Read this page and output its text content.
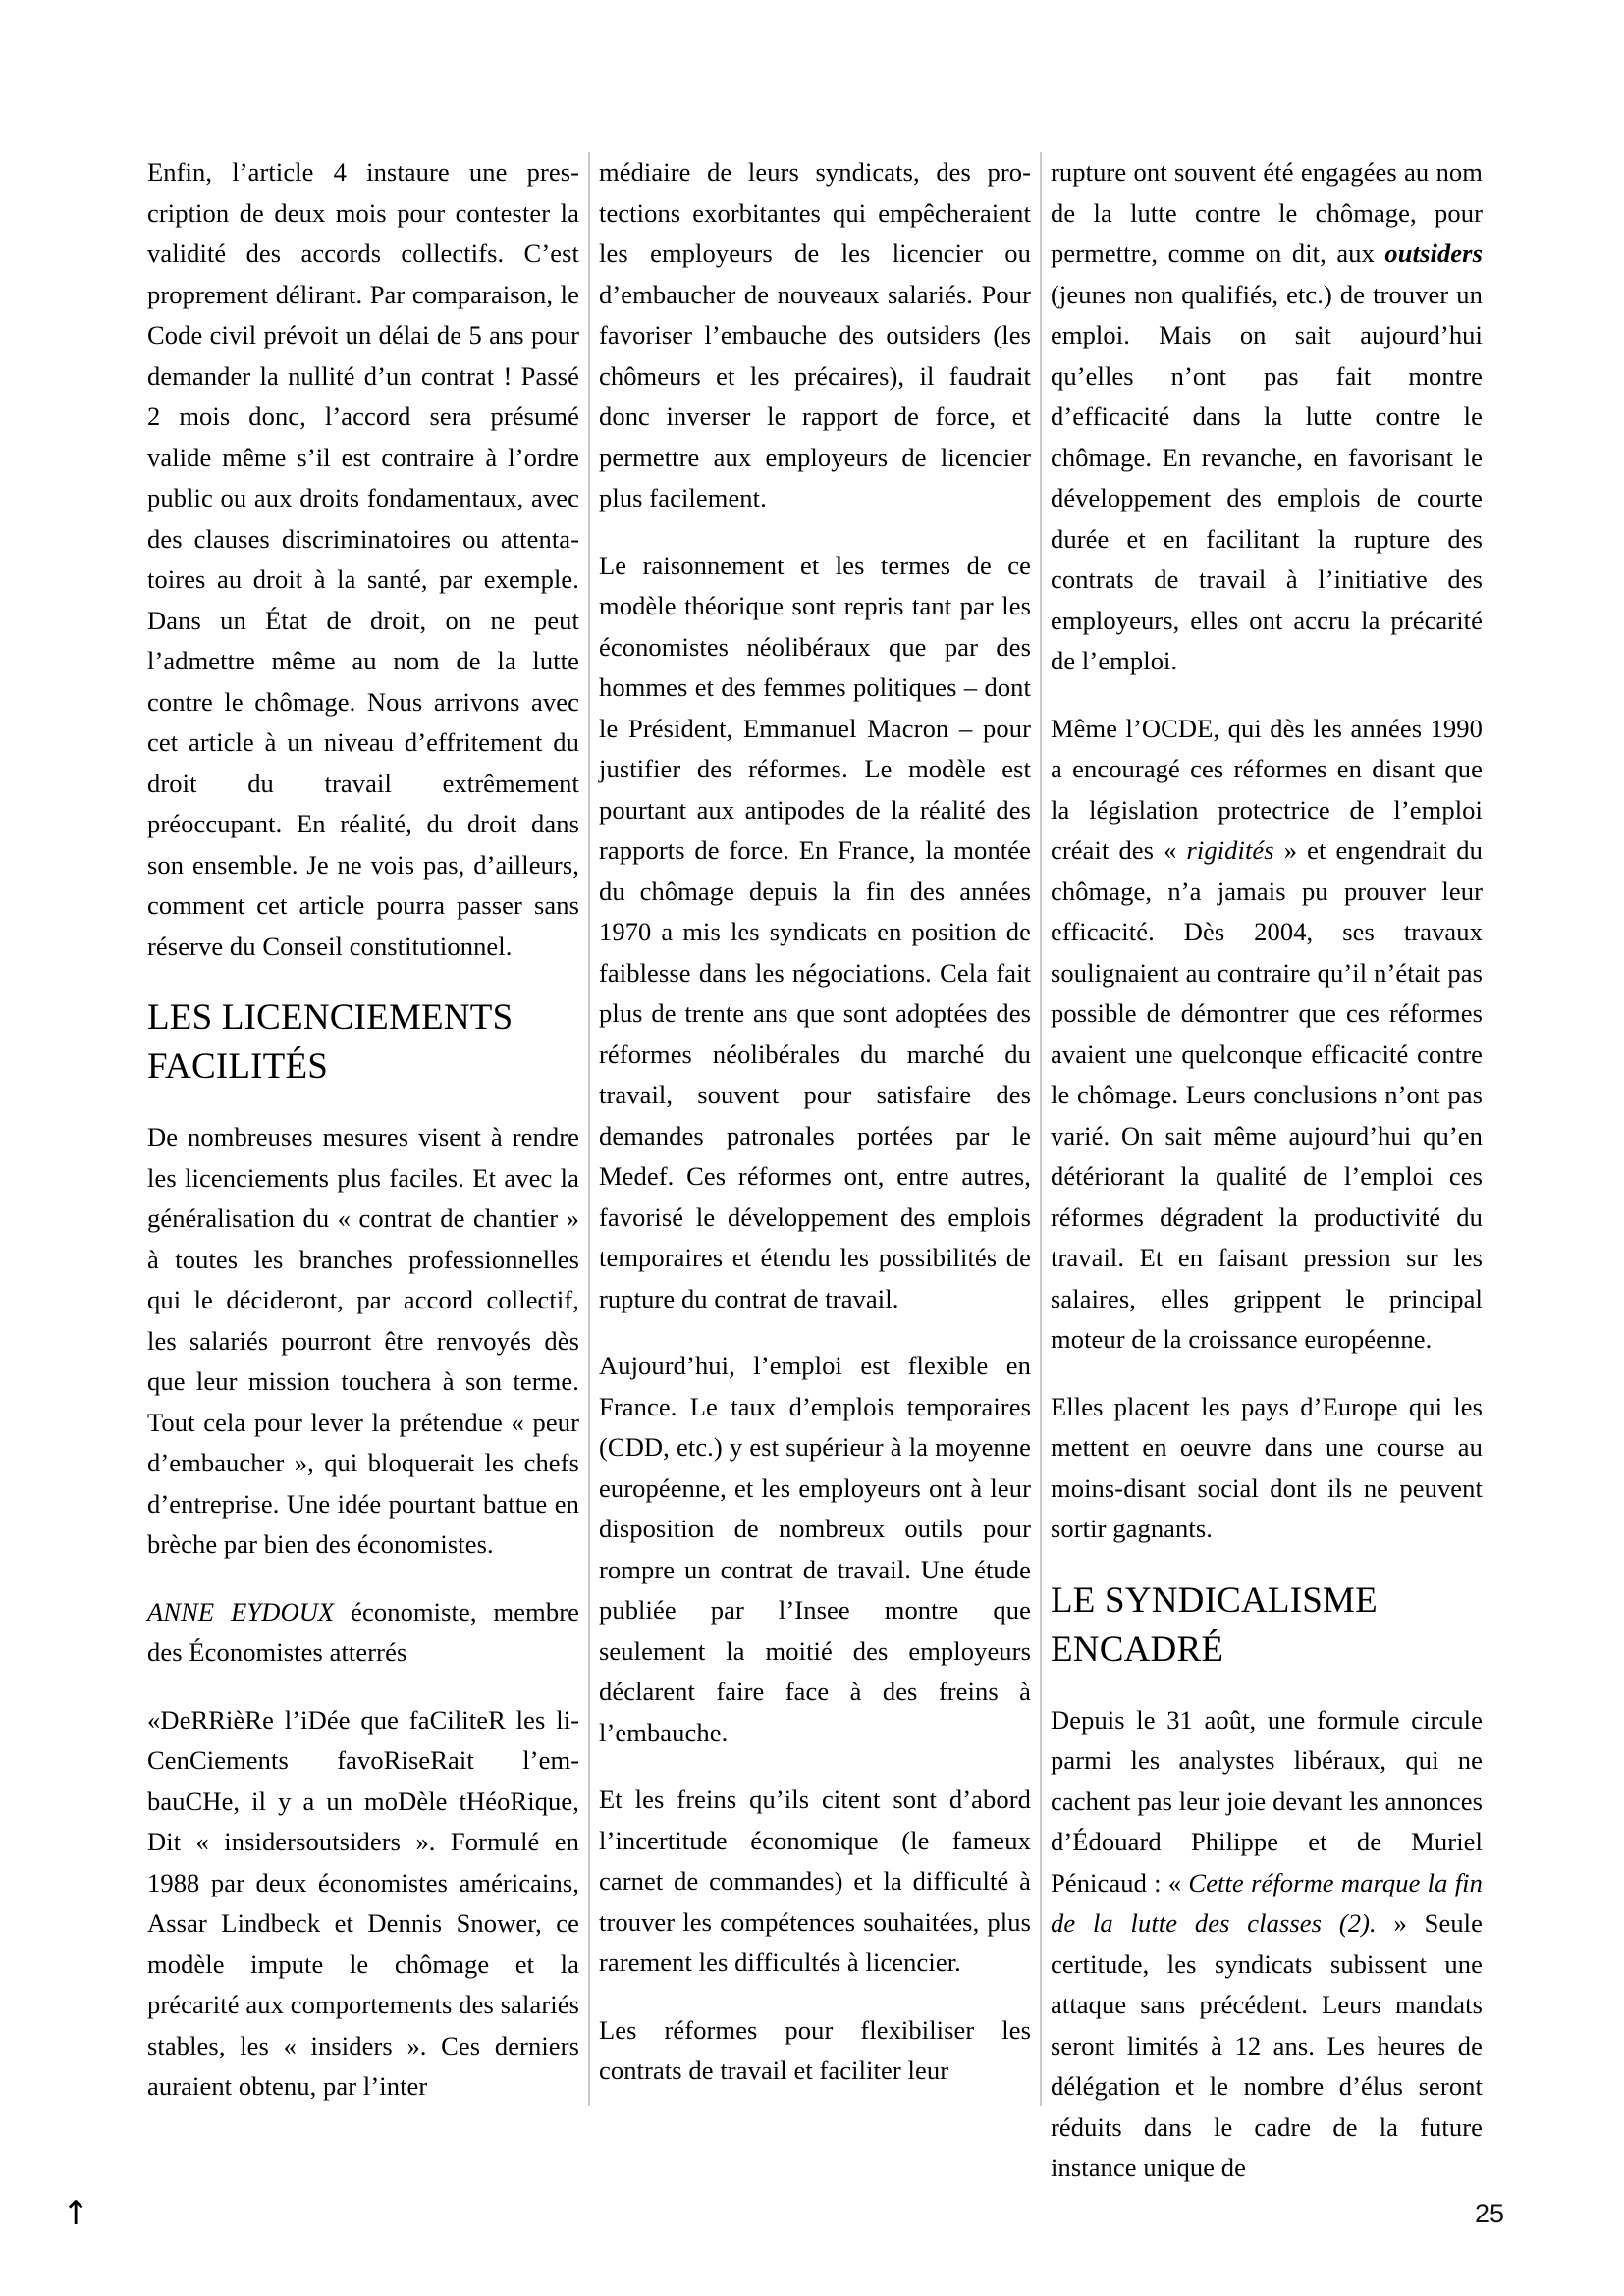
Enfin, l’article 4 instaure une prescription de deux mois pour contester la validité des accords collectifs. C’est proprement délirant. Par comparaison, le Code civil prévoit un délai de 5 ans pour demander la nullité d’un contrat ! Passé 2 mois donc, l’accord sera présumé valide même s’il est contraire à l’ordre public ou aux droits fondamentaux, avec des clauses discriminatoires ou attentatoires au droit à la santé, par exemple. Dans un État de droit, on ne peut l’admettre même au nom de la lutte contre le chômage. Nous arrivons avec cet article à un niveau d’effritement du droit du travail extrêmement préoccupant. En réalité, du droit dans son ensemble. Je ne vois pas, d’ailleurs, comment cet article pourra passer sans réserve du Conseil constitutionnel.

LES LICENCIEMENTS FACILITÉS

De nombreuses mesures visent à rendre les licenciements plus faciles. Et avec la généralisation du « contrat de chantier » à toutes les branches professionnelles qui le décideront, par accord collectif, les salariés pourront être renvoyés dès que leur mission touchera à son terme. Tout cela pour lever la prétendue « peur d’embaucher », qui bloquerait les chefs d’entreprise. Une idée pourtant battue en brèche par bien des économistes.

ANNE EYDOUX économiste, membre des Économistes atterrés

«DeRRièRe l’iDée que faCiliteR les liCenCiements favoRiseRait l’embauCHe, il y a un moDèle tHéoRique, Dit « insidersoutsiders ». Formulé en 1988 par deux économistes américains, Assar Lindbeck et Dennis Snower, ce modèle impute le chômage et la précarité aux comportements des salariés stables, les « insiders ». Ces derniers auraient obtenu, par l’inter

médiaire de leurs syndicats, des protections exorbitantes qui empêcheraient les employeurs de les licencier ou d’embaucher de nouveaux salariés. Pour favoriser l’embauche des outsiders (les chômeurs et les précaires), il faudrait donc inverser le rapport de force, et permettre aux employeurs de licencier plus facilement.

Le raisonnement et les termes de ce modèle théorique sont repris tant par les économistes néolibéraux que par des hommes et des femmes politiques – dont le Président, Emmanuel Macron – pour justifier des réformes. Le modèle est pourtant aux antipodes de la réalité des rapports de force. En France, la montée du chômage depuis la fin des années 1970 a mis les syndicats en position de faiblesse dans les négociations. Cela fait plus de trente ans que sont adoptées des réformes néolibérales du marché du travail, souvent pour satisfaire des demandes patronales portées par le Medef. Ces réformes ont, entre autres, favorisé le développement des emplois temporaires et étendu les possibilités de rupture du contrat de travail.

Aujourd’hui, l’emploi est flexible en France. Le taux d’emplois temporaires (CDD, etc.) y est supérieur à la moyenne européenne, et les employeurs ont à leur disposition de nombreux outils pour rompre un contrat de travail. Une étude publiée par l’Insee montre que seulement la moitié des employeurs déclarent faire face à des freins à l’embauche.

Et les freins qu’ils citent sont d’abord l’incertitude économique (le fameux carnet de commandes) et la difficulté à trouver les compétences souhaitées, plus rarement les difficultés à licencier.

Les réformes pour flexibiliser les contrats de travail et faciliter leur

rupture ont souvent été engagées au nom de la lutte contre le chômage, pour permettre, comme on dit, aux outsiders (jeunes non qualifiés, etc.) de trouver un emploi. Mais on sait aujourd’hui qu’elles n’ont pas fait montre d’efficacité dans la lutte contre le chômage. En revanche, en favorisant le développement des emplois de courte durée et en facilitant la rupture des contrats de travail à l’initiative des employeurs, elles ont accru la précarité de l’emploi.

Même l’OCDE, qui dès les années 1990 a encouragé ces réformes en disant que la législation protectrice de l’emploi créait des « rigidités » et engendrait du chômage, n’a jamais pu prouver leur efficacité. Dès 2004, ses travaux soulignaient au contraire qu’il n’était pas possible de démontrer que ces réformes avaient une quelconque efficacité contre le chômage. Leurs conclusions n’ont pas varié. On sait même aujourd’hui qu’en détériorant la qualité de l’emploi ces réformes dégradent la productivité du travail. Et en faisant pression sur les salaires, elles grippent le principal moteur de la croissance européenne.

Elles placent les pays d’Europe qui les mettent en oeuvre dans une course au moins-disant social dont ils ne peuvent sortir gagnants.

LE SYNDICALISME ENCADRÉ

Depuis le 31 août, une formule circule parmi les analystes libéraux, qui ne cachent pas leur joie devant les annonces d’Édouard Philippe et de Muriel Pénicaud : « Cette réforme marque la fin de la lutte des classes (2). » Seule certitude, les syndicats subissent une attaque sans précédent. Leurs mandats seront limités à 12 ans. Les heures de délégation et le nombre d’élus seront réduits dans le cadre de la future instance unique de

↑	25
